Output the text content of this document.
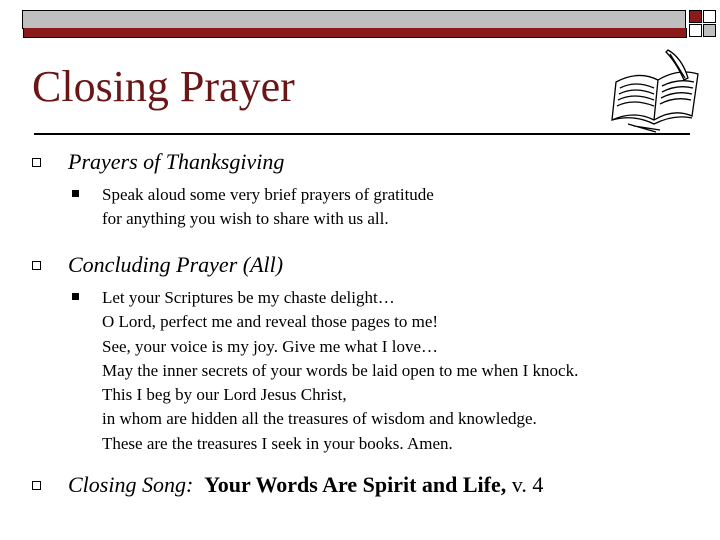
Closing Prayer
Prayers of Thanksgiving
Speak aloud some very brief prayers of gratitude
for anything you wish to share with us all.
Concluding Prayer (All)
Let your Scriptures be my chaste delight…
O Lord, perfect me and reveal those pages to me!
See, your voice is my joy. Give me what I love…
May the inner secrets of your words be laid open to me when I knock.
This I beg by our Lord Jesus Christ,
in whom are hidden all the treasures of wisdom and knowledge.
These are the treasures I seek in your books. Amen.
Closing Song: Your Words Are Spirit and Life, v. 4
